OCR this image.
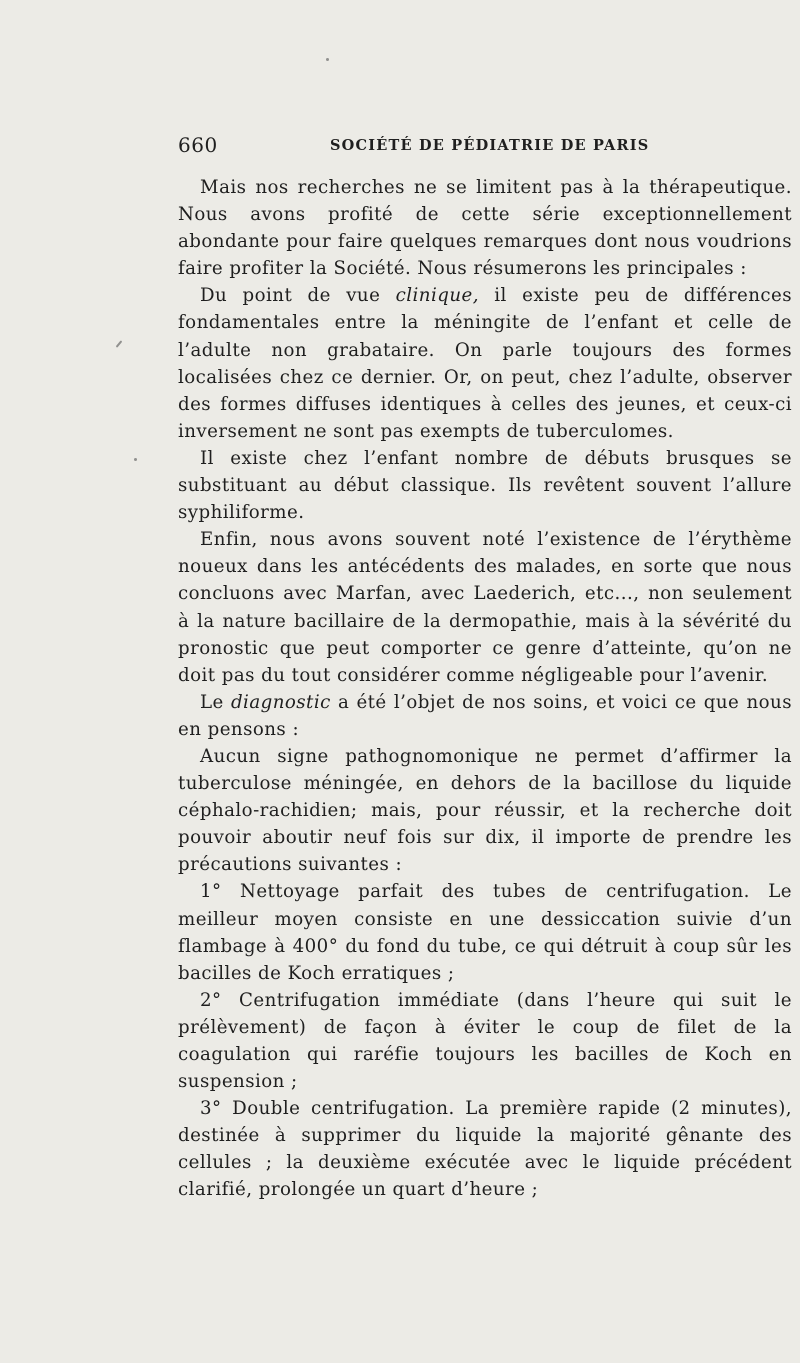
660	SOCIÉTÉ DE PÉDIATRIE DE PARIS

Mais nos recherches ne se limitent pas à la thérapeutique. Nous avons profité de cette série exceptionnellement abondante pour faire quelques remarques dont nous voudrions faire profiter la Société. Nous résumerons les principales :

Du point de vue clinique, il existe peu de différences fondamentales entre la méningite de l’enfant et celle de l’adulte non grabataire. On parle toujours des formes localisées chez ce dernier. Or, on peut, chez l’adulte, observer des formes diffuses identiques à celles des jeunes, et ceux-ci inversement ne sont pas exempts de tuberculomes.

Il existe chez l’enfant nombre de débuts brusques se substituant au début classique. Ils revêtent souvent l’allure syphiliforme.

Enfin, nous avons souvent noté l’existence de l’érythème noueux dans les antécédents des malades, en sorte que nous concluons avec Marfan, avec Laederich, etc..., non seulement à la nature bacillaire de la dermopathie, mais à la sévérité du pronostic que peut comporter ce genre d’atteinte, qu’on ne doit pas du tout considérer comme négligeable pour l’avenir.

Le diagnostic a été l’objet de nos soins, et voici ce que nous en pensons :

Aucun signe pathognomonique ne permet d’affirmer la tuberculose méningée, en dehors de la bacillose du liquide céphalo-rachidien; mais, pour réussir, et la recherche doit pouvoir aboutir neuf fois sur dix, il importe de prendre les précautions suivantes :

1° Nettoyage parfait des tubes de centrifugation. Le meilleur moyen consiste en une dessiccation suivie d’un flambage à 400° du fond du tube, ce qui détruit à coup sûr les bacilles de Koch erratiques ;

2° Centrifugation immédiate (dans l’heure qui suit le prélèvement) de façon à éviter le coup de filet de la coagulation qui raréfie toujours les bacilles de Koch en suspension ;

3° Double centrifugation. La première rapide (2 minutes), destinée à supprimer du liquide la majorité gênante des cellules ; la deuxième exécutée avec le liquide précédent clarifié, prolongée un quart d’heure ;
